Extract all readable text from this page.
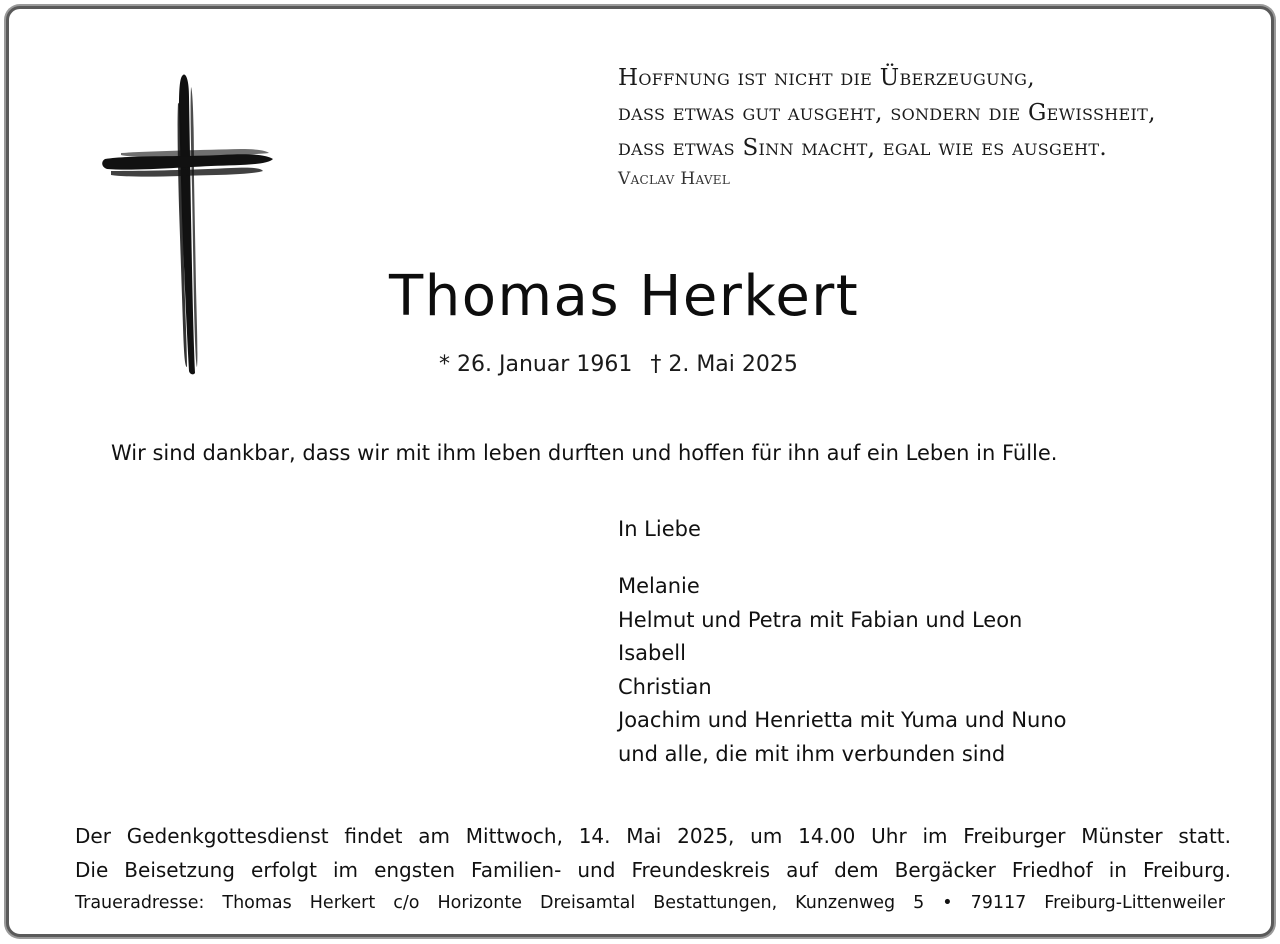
Hoffnung ist nicht die Überzeugung,
dass etwas gut ausgeht, sondern die Gewissheit,
dass etwas Sinn macht, egal wie es ausgeht.
Vaclav Havel
Thomas Herkert
* 26. Januar 1961 † 2. Mai 2025
Wir sind dankbar, dass wir mit ihm leben durften und hoffen für ihn auf ein Leben in Fülle.
In Liebe
Melanie
Helmut und Petra mit Fabian und Leon
Isabell
Christian
Joachim und Henrietta mit Yuma und Nuno
und alle, die mit ihm verbunden sind
Der Gedenkgottesdienst findet am Mittwoch, 14. Mai 2025, um 14.00 Uhr im Freiburger Münster statt.
Die Beisetzung erfolgt im engsten Familien- und Freundeskreis auf dem Bergäcker Friedhof in Freiburg.
Traueradresse: Thomas Herkert c/o Horizonte Dreisamtal Bestattungen, Kunzenweg 5 • 79117 Freiburg-Littenweiler
